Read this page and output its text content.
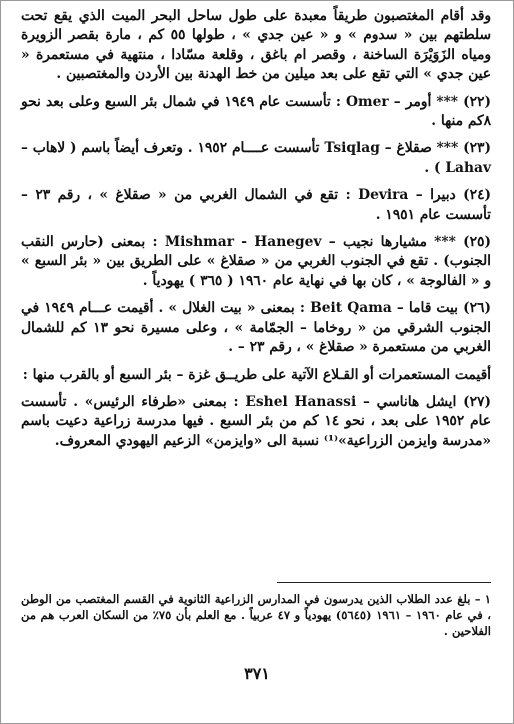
وقد أقام المغتصبون طريقاً معبدة على طول ساحل البحر الميت الذي يقع تحت سلطتهم بين « سدوم » و « عين جدي » ، طولها ٥٥ كم ، مارة بقصر الزويرة ومياه الزَوَيْرَة الساخنة ، وقصر ام باغق ، وقلعة مسّادا ، منتهية في مستعمرة « عين جدي » التي تقع على بعد ميلين من خط الهدنة بين الأردن والمغتصبين .

(٢٢) *** أومر – Omer : تأسست عام ١٩٤٩ في شمال بئر السبع وعلى بعد نحو ٨كم منها .

(٢٣) *** صقلاغ – Tsiqlag تأسست عــــام ١٩٥٢ . وتعرف أيضاً باسم ( لاهاب – Lahav ) .

(٢٤) دبيرا – Devira : تقع في الشمال الغربي من « صقلاغ » ، رقم ٢٣ – تأسست عام ١٩٥١ .

(٢٥) *** مشيارها نجيب – Mishmar - Hanegev : بمعنى (حارس النقب الجنوب) . تقع في الجنوب الغربي من « صقلاغ » على الطريق بين « بئر السبع » و « الفالوجة » ، كان بها في نهاية عام ١٩٦٠ ( ٣٦٥ ) يهودياً .

(٢٦) بيت قاما – Beit Qama : بمعنى « بيت الغلال » . أقيمت عـــام ١٩٤٩ في الجنوب الشرقي من « روخاما – الجمّامة » ، وعلى مسيرة نحو ١٣ كم للشمال الغربي من مستعمرة « صقلاغ » ، رقم ٢٣ – .

أقيمت المستعمرات أو القـلاع الآتية على طريــق غزة – بئر السبع أو بالقرب منها :

(٢٧) ايشل هاناسي – Eshel Hanassi : بمعنى «طرفاء الرئيس» . تأسست عام ١٩٥٢ على بعد ، نحو ١٤ كم من بئر السبع . فيها مدرسة زراعية دعيت باسم «مدرسة وايزمن الزراعية»⁽¹⁾ نسبة الى «وايزمن» الزعيم اليهودي المعروف.

١ – بلغ عدد الطلاب الذين يدرسون في المدارس الزراعية الثانوية في القسم المغتصب من الوطن ، في عام ١٩٦٠ – ١٩٦١ (٥٦٤٥) يهودياً و ٤٧ عربياً . مع العلم بأن ٧٥٪ من السكان العرب هم من الفلاحين .

٣٧١
